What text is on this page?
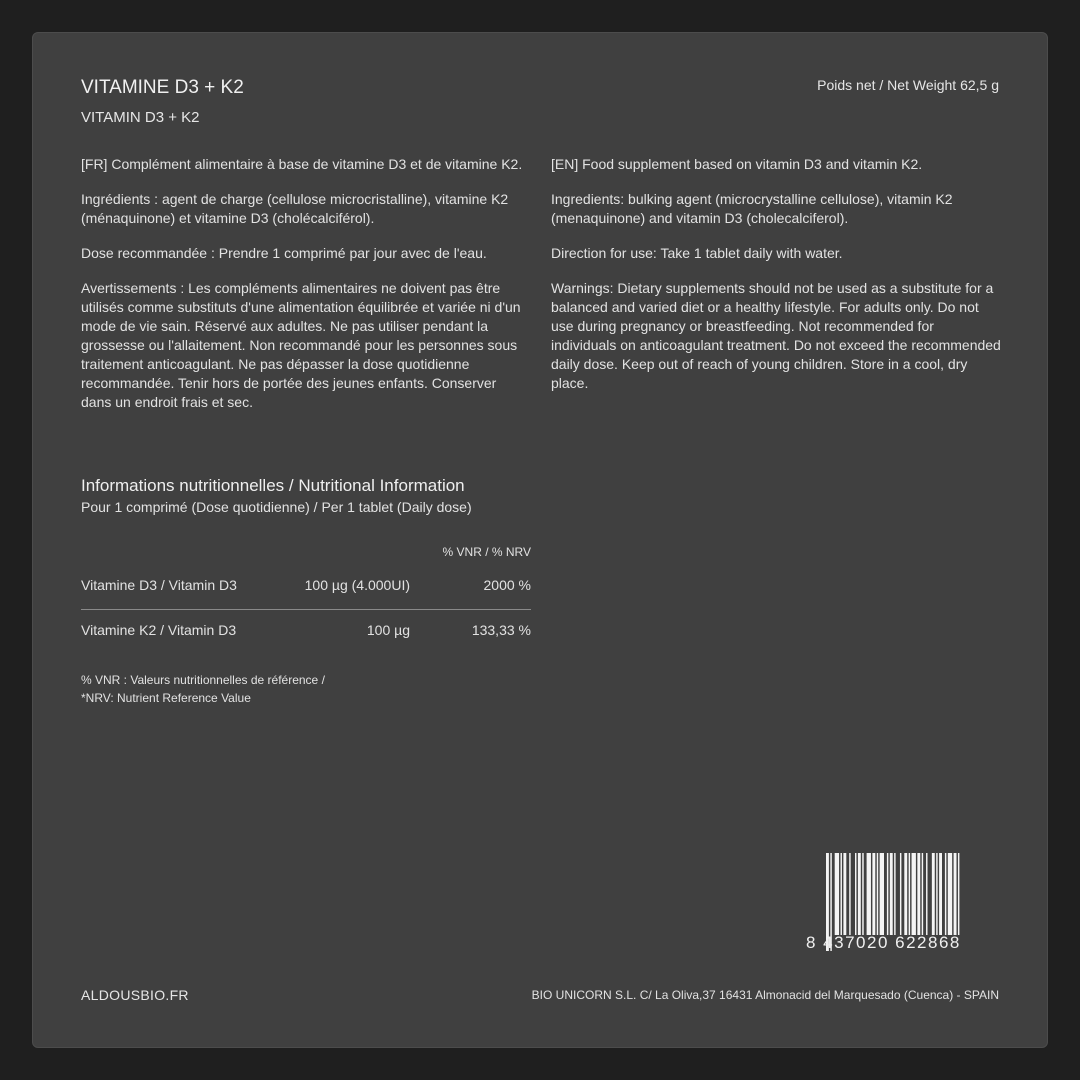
VITAMINE D3 + K2
VITAMIN D3 + K2
Poids net / Net Weight 62,5 g

[FR] Complément alimentaire à base de vitamine D3 et de vitamine K2.

Ingrédients : agent de charge (cellulose microcristalline), vitamine K2 (ménaquinone) et vitamine D3 (cholécalciférol).

Dose recommandée : Prendre 1 comprimé par jour avec de l'eau.

Avertissements : Les compléments alimentaires ne doivent pas être utilisés comme substituts d'une alimentation équilibrée et variée ni d'un mode de vie sain. Réservé aux adultes. Ne pas utiliser pendant la grossesse ou l'allaitement. Non recommandé pour les personnes sous traitement anticoagulant. Ne pas dépasser la dose quotidienne recommandée. Tenir hors de portée des jeunes enfants. Conserver dans un endroit frais et sec.

[EN] Food supplement based on vitamin D3 and vitamin K2.

Ingredients: bulking agent (microcrystalline cellulose), vitamin K2 (menaquinone) and vitamin D3 (cholecalciferol).

Direction for use: Take 1 tablet daily with water.

Warnings: Dietary supplements should not be used as a substitute for a balanced and varied diet or a healthy lifestyle. For adults only. Do not use during pregnancy or breastfeeding. Not recommended for individuals on anticoagulant treatment. Do not exceed the recommended daily dose. Keep out of reach of young children. Store in a cool, dry place.

Informations nutritionnelles / Nutritional Information
Pour 1 comprimé (Dose quotidienne) / Per 1 tablet (Daily dose)
% VNR / % NRV
Vitamine D3 / Vitamin D3	100 µg (4.000UI)	2000 %
Vitamine K2 / Vitamin D3	100 µg	133,33 %
% VNR : Valeurs nutritionnelles de référence /
*NRV: Nutrient Reference Value
8 437020 622868
ALDOUSBIO.FR	BIO UNICORN S.L. C/ La Oliva,37 16431 Almonacid del Marquesado (Cuenca) - SPAIN
